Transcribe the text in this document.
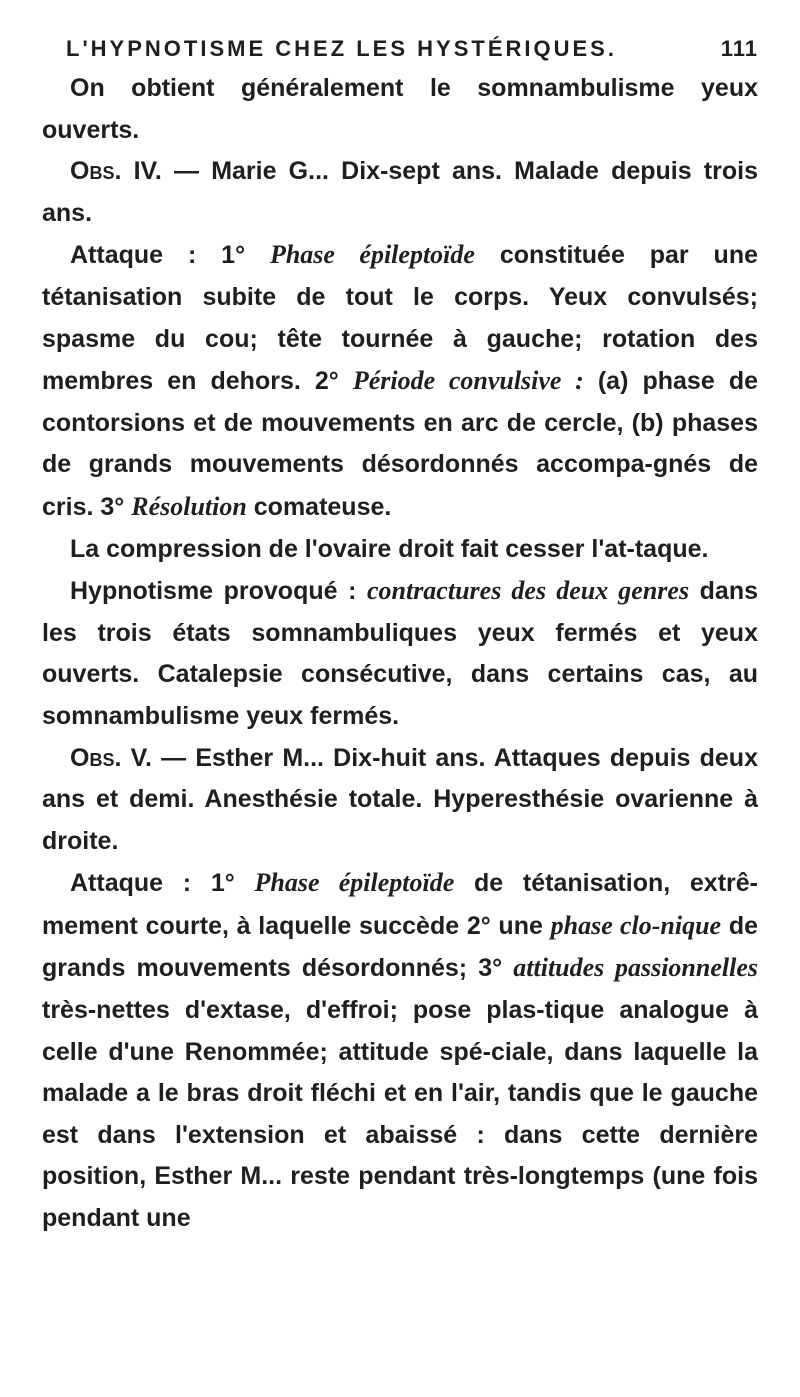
L'HYPNOTISME CHEZ LES HYSTÉRIQUES.	111

On obtient généralement le somnambulisme yeux ouverts.

Obs. IV. — Marie G... Dix-sept ans. Malade depuis trois ans.

Attaque : 1° Phase épileptoïde constituée par une tétanisation subite de tout le corps. Yeux convulsés; spasme du cou; tête tournée à gauche; rotation des membres en dehors. 2° Période convulsive : (a) phase de contorsions et de mouvements en arc de cercle, (b) phases de grands mouvements désordonnés accompa-gnés de cris. 3° Résolution comateuse.

La compression de l'ovaire droit fait cesser l'at-taque.

Hypnotisme provoqué : contractures des deux genres dans les trois états somnambuliques yeux fermés et yeux ouverts. Catalepsie consécutive, dans certains cas, au somnambulisme yeux fermés.

Obs. V. — Esther M... Dix-huit ans. Attaques depuis deux ans et demi. Anesthésie totale. Hyperesthésie ovarienne à droite.

Attaque : 1° Phase épileptoïde de tétanisation, extrê-mement courte, à laquelle succède 2° une phase clo-nique de grands mouvements désordonnés; 3° attitudes passionnelles très-nettes d'extase, d'effroi; pose plas-tique analogue à celle d'une Renommée; attitude spé-ciale, dans laquelle la malade a le bras droit fléchi et en l'air, tandis que le gauche est dans l'extension et abaissé : dans cette dernière position, Esther M... reste pendant très-longtemps (une fois pendant une
